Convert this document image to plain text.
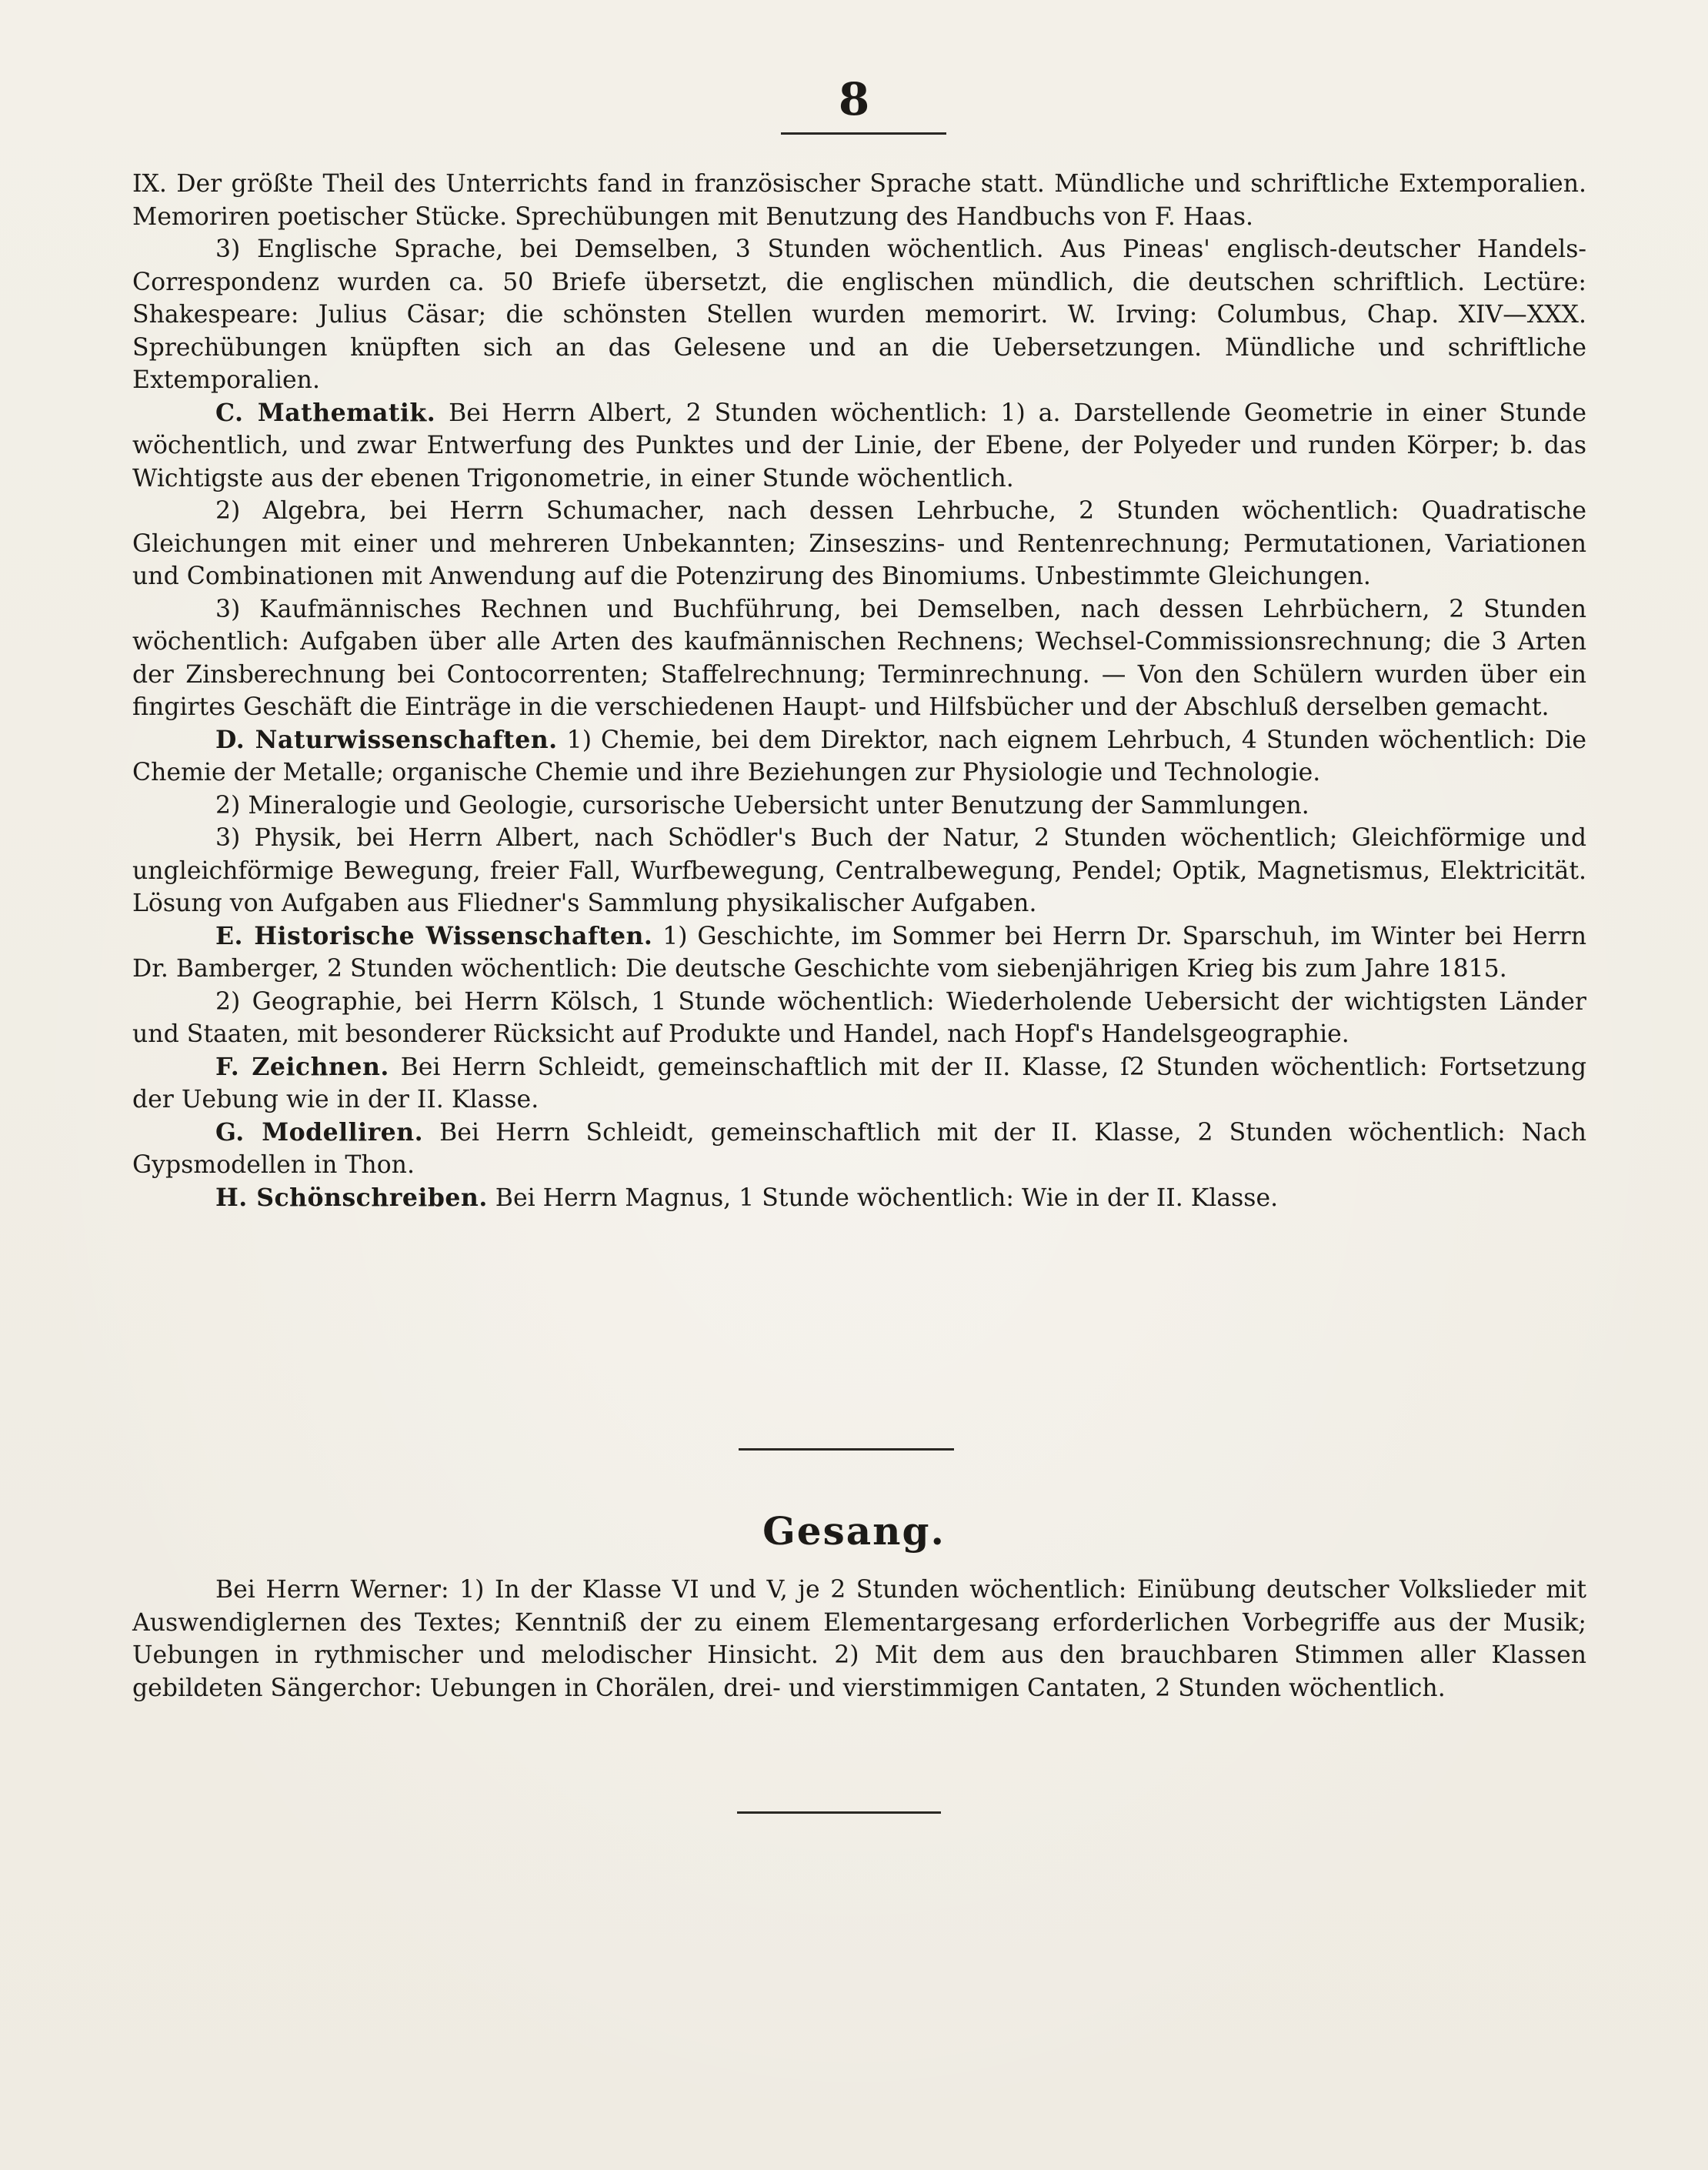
8

IX. Der größte Theil des Unterrichts fand in französischer Sprache statt. Mündliche und schriftliche Extemporalien. Memoriren poetischer Stücke. Sprechübungen mit Benutzung des Handbuchs von F. Haas.

3) Englische Sprache, bei Demselben, 3 Stunden wöchentlich. Aus Pineas' englisch-deutscher Handels-Correspondenz wurden ca. 50 Briefe übersetzt, die englischen mündlich, die deutschen schriftlich. Lectüre: Shakespeare: Julius Cäsar; die schönsten Stellen wurden memorirt. W. Irving: Columbus, Chap. XIV—XXX. Sprechübungen knüpften sich an das Gelesene und an die Uebersetzungen. Mündliche und schriftliche Extemporalien.

C. Mathematik. Bei Herrn Albert, 2 Stunden wöchentlich: 1) a. Darstellende Geometrie in einer Stunde wöchentlich, und zwar Entwerfung des Punktes und der Linie, der Ebene, der Polyeder und runden Körper; b. das Wichtigste aus der ebenen Trigonometrie, in einer Stunde wöchentlich.

2) Algebra, bei Herrn Schumacher, nach dessen Lehrbuche, 2 Stunden wöchentlich: Quadratische Gleichungen mit einer und mehreren Unbekannten; Zinseszins- und Rentenrechnung; Permutationen, Variationen und Combinationen mit Anwendung auf die Potenzirung des Binomiums. Unbestimmte Gleichungen.

3) Kaufmännisches Rechnen und Buchführung, bei Demselben, nach dessen Lehrbüchern, 2 Stunden wöchentlich: Aufgaben über alle Arten des kaufmännischen Rechnens; Wechsel-Commissionsrechnung; die 3 Arten der Zinsberechnung bei Contocorrenten; Staffelrechnung; Terminrechnung. — Von den Schülern wurden über ein fingirtes Geschäft die Einträge in die verschiedenen Haupt- und Hilfsbücher und der Abschluß derselben gemacht.

D. Naturwissenschaften. 1) Chemie, bei dem Direktor, nach eignem Lehrbuch, 4 Stunden wöchentlich: Die Chemie der Metalle; organische Chemie und ihre Beziehungen zur Physiologie und Technologie.

2) Mineralogie und Geologie, cursorische Uebersicht unter Benutzung der Sammlungen.

3) Physik, bei Herrn Albert, nach Schödler's Buch der Natur, 2 Stunden wöchentlich; Gleichförmige und ungleichförmige Bewegung, freier Fall, Wurfbewegung, Centralbewegung, Pendel; Optik, Magnetismus, Elektricität. Lösung von Aufgaben aus Fliedner's Sammlung physikalischer Aufgaben.

E. Historische Wissenschaften. 1) Geschichte, im Sommer bei Herrn Dr. Sparschuh, im Winter bei Herrn Dr. Bamberger, 2 Stunden wöchentlich: Die deutsche Geschichte vom siebenjährigen Krieg bis zum Jahre 1815.

2) Geographie, bei Herrn Kölsch, 1 Stunde wöchentlich: Wiederholende Uebersicht der wichtigsten Länder und Staaten, mit besonderer Rücksicht auf Produkte und Handel, nach Hopf's Handelsgeographie.

F. Zeichnen. Bei Herrn Schleidt, gemeinschaftlich mit der II. Klasse, ſ2 Stunden wöchentlich: Fortsetzung der Uebung wie in der II. Klasse.

G. Modelliren. Bei Herrn Schleidt, gemeinschaftlich mit der II. Klasse, 2 Stunden wöchentlich: Nach Gypsmodellen in Thon.

H. Schönschreiben. Bei Herrn Magnus, 1 Stunde wöchentlich: Wie in der II. Klasse.

Gesang.

Bei Herrn Werner: 1) In der Klasse VI und V, je 2 Stunden wöchentlich: Einübung deutscher Volkslieder mit Auswendiglernen des Textes; Kenntniß der zu einem Elementargesang erforderlichen Vorbegriffe aus der Musik; Uebungen in rythmischer und melodischer Hinsicht. 2) Mit dem aus den brauchbaren Stimmen aller Klassen gebildeten Sängerchor: Uebungen in Chorälen, drei- und vierstimmigen Cantaten, 2 Stunden wöchentlich.
